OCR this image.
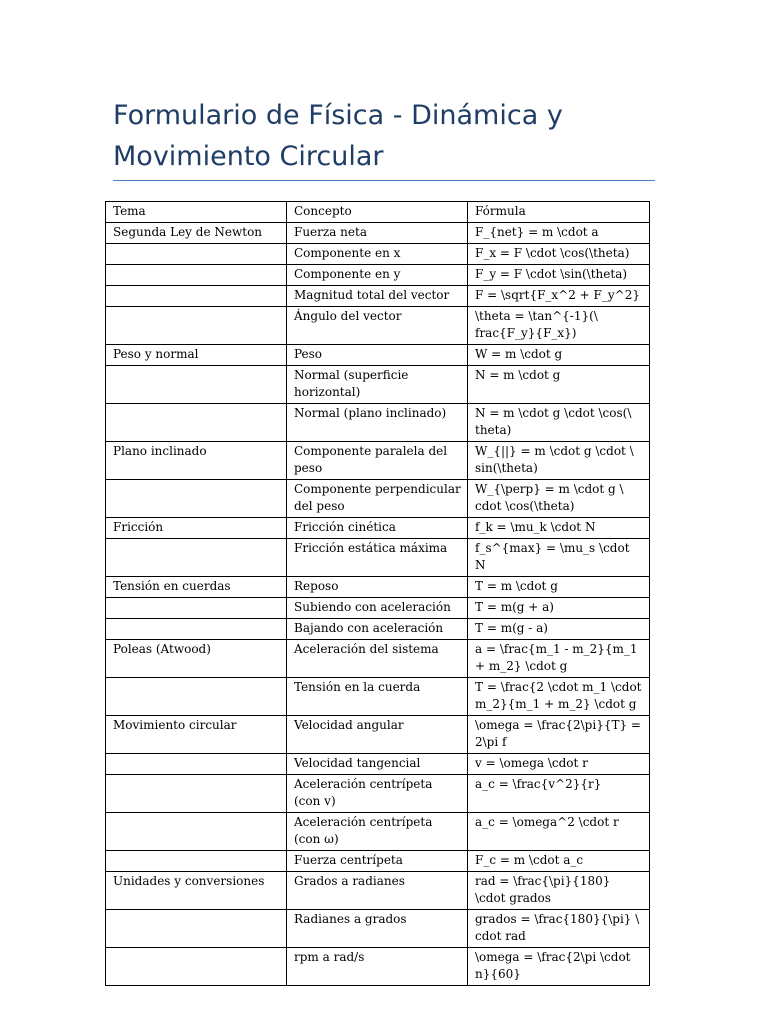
Formulario de Física - Dinámica y Movimiento Circular
Tema	Concepto	Fórmula
Segunda Ley de Newton	Fuerza neta	F_{net} = m \cdot a
	Componente en x	F_x = F \cdot \cos(\theta)
	Componente en y	F_y = F \cdot \sin(\theta)
	Magnitud total del vector	F = \sqrt{F_x^2 + F_y^2}
	Ángulo del vector	\theta = \tan^{-1}(\ frac{F_y}{F_x})
Peso y normal	Peso	W = m \cdot g
	Normal (superficie horizontal)	N = m \cdot g
	Normal (plano inclinado)	N = m \cdot g \cdot \cos(\ theta)
Plano inclinado	Componente paralela del peso	W_{||} = m \cdot g \cdot \ sin(\theta)
	Componente perpendicular del peso	W_{\perp} = m \cdot g \ cdot \cos(\theta)
Fricción	Fricción cinética	f_k = \mu_k \cdot N
	Fricción estática máxima	f_s^{max} = \mu_s \cdot N
Tensión en cuerdas	Reposo	T = m \cdot g
	Subiendo con aceleración	T = m(g + a)
	Bajando con aceleración	T = m(g - a)
Poleas (Atwood)	Aceleración del sistema	a = \frac{m_1 - m_2}{m_1 + m_2} \cdot g
	Tensión en la cuerda	T = \frac{2 \cdot m_1 \cdot m_2}{m_1 + m_2} \cdot g
Movimiento circular	Velocidad angular	\omega = \frac{2\pi}{T} = 2\pi f
	Velocidad tangencial	v = \omega \cdot r
	Aceleración centrípeta (con v)	a_c = \frac{v^2}{r}
	Aceleración centrípeta (con ω)	a_c = \omega^2 \cdot r
	Fuerza centrípeta	F_c = m \cdot a_c
Unidades y conversiones	Grados a radianes	rad = \frac{\pi}{180} \cdot grados
	Radianes a grados	grados = \frac{180}{\pi} \ cdot rad
	rpm a rad/s	\omega = \frac{2\pi \cdot n}{60}
